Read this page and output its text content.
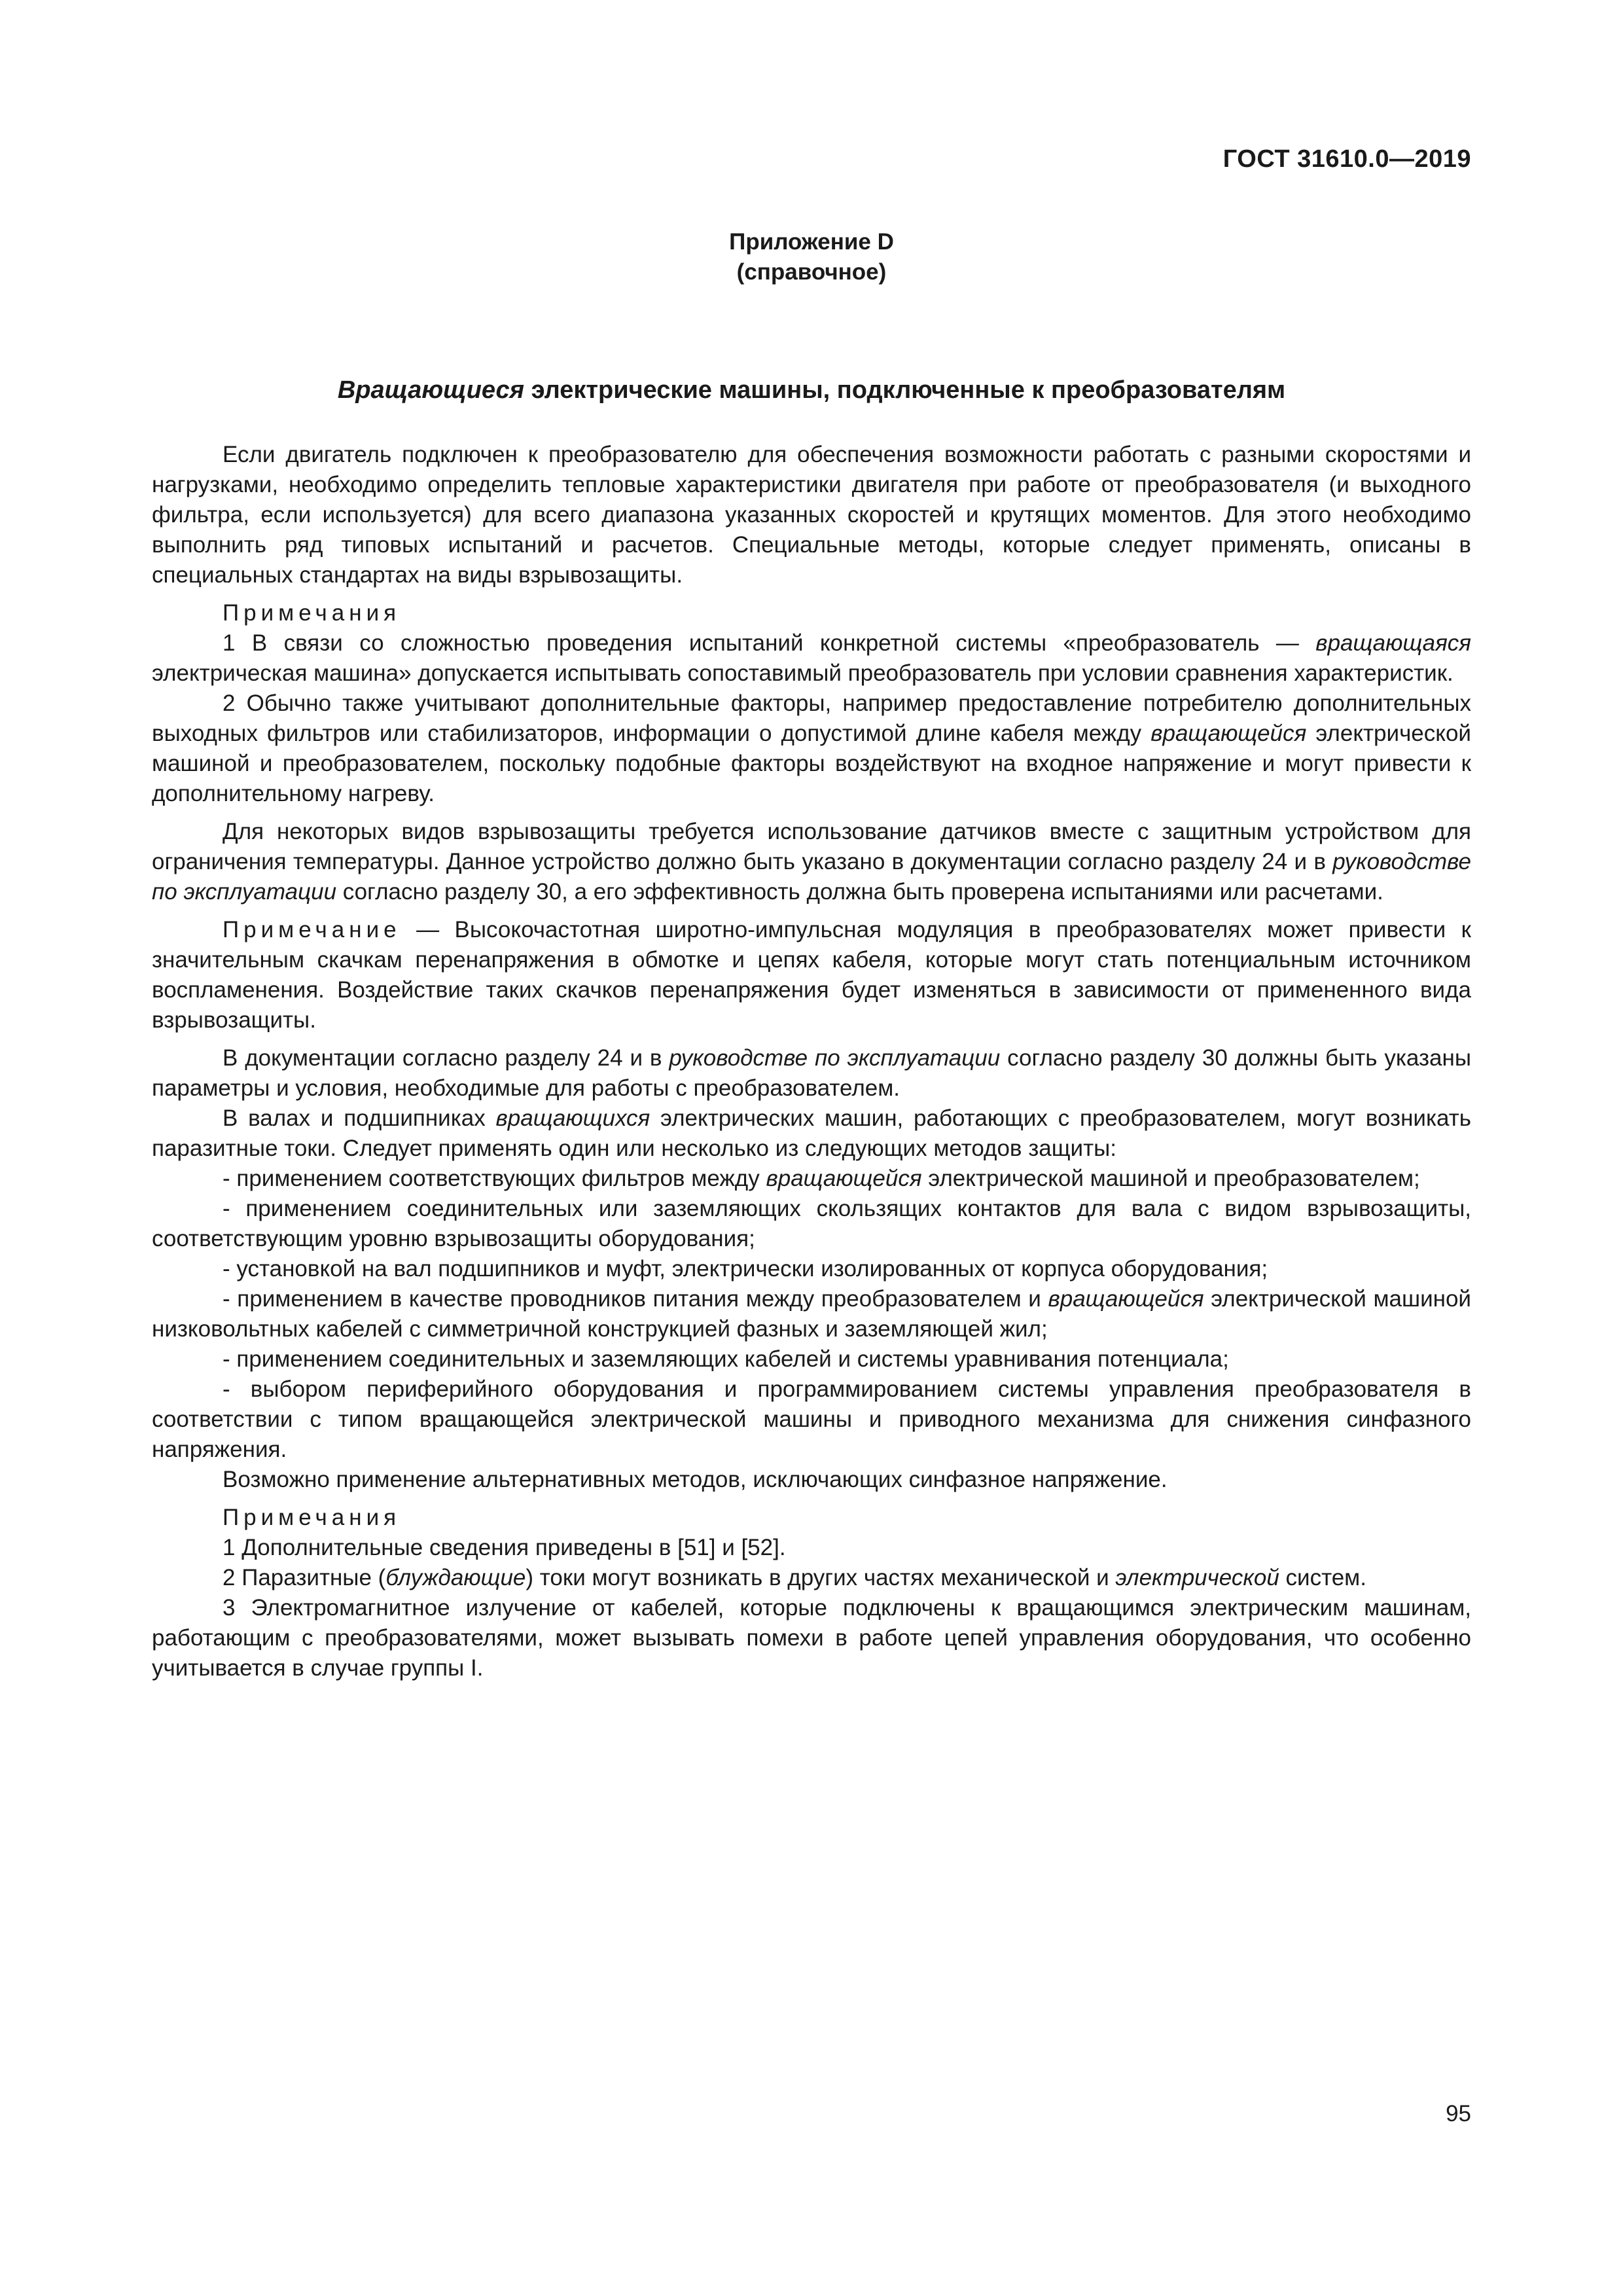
ГОСТ 31610.0—2019
Приложение D
(справочное)
Вращающиеся электрические машины, подключенные к преобразователям

Если двигатель подключен к преобразователю для обеспечения возможности работать с разными скоростями и нагрузками, необходимо определить тепловые характеристики двигателя при работе от преобразователя (и выходного фильтра, если используется) для всего диапазона указанных скоростей и крутящих моментов. Для этого необходимо выполнить ряд типовых испытаний и расчетов. Специальные методы, которые следует применять, описаны в специальных стандартах на виды взрывозащиты.

Примечания

1 В связи со сложностью проведения испытаний конкретной системы «преобразователь — вращающаяся электрическая машина» допускается испытывать сопоставимый преобразователь при условии сравнения характеристик.

2 Обычно также учитывают дополнительные факторы, например предоставление потребителю дополнительных выходных фильтров или стабилизаторов, информации о допустимой длине кабеля между вращающейся электрической машиной и преобразователем, поскольку подобные факторы воздействуют на входное напряжение и могут привести к дополнительному нагреву.

Для некоторых видов взрывозащиты требуется использование датчиков вместе с защитным устройством для ограничения температуры. Данное устройство должно быть указано в документации согласно разделу 24 и в руководстве по эксплуатации согласно разделу 30, а его эффективность должна быть проверена испытаниями или расчетами.

Примечание — Высокочастотная широтно-импульсная модуляция в преобразователях может привести к значительным скачкам перенапряжения в обмотке и цепях кабеля, которые могут стать потенциальным источником воспламенения. Воздействие таких скачков перенапряжения будет изменяться в зависимости от примененного вида взрывозащиты.

В документации согласно разделу 24 и в руководстве по эксплуатации согласно разделу 30 должны быть указаны параметры и условия, необходимые для работы с преобразователем.

В валах и подшипниках вращающихся электрических машин, работающих с преобразователем, могут возникать паразитные токи. Следует применять один или несколько из следующих методов защиты:

- применением соответствующих фильтров между вращающейся электрической машиной и преобразователем;

- применением соединительных или заземляющих скользящих контактов для вала с видом взрывозащиты, соответствующим уровню взрывозащиты оборудования;

- установкой на вал подшипников и муфт, электрически изолированных от корпуса оборудования;

- применением в качестве проводников питания между преобразователем и вращающейся электрической машиной низковольтных кабелей с симметричной конструкцией фазных и заземляющей жил;

- применением соединительных и заземляющих кабелей и системы уравнивания потенциала;

- выбором периферийного оборудования и программированием системы управления преобразователя в соответствии с типом вращающейся электрической машины и приводного механизма для снижения синфазного напряжения.

Возможно применение альтернативных методов, исключающих синфазное напряжение.

Примечания

1 Дополнительные сведения приведены в [51] и [52].

2 Паразитные (блуждающие) токи могут возникать в других частях механической и электрической систем.

3 Электромагнитное излучение от кабелей, которые подключены к вращающимся электрическим машинам, работающим с преобразователями, может вызывать помехи в работе цепей управления оборудования, что особенно учитывается в случае группы I.

95
